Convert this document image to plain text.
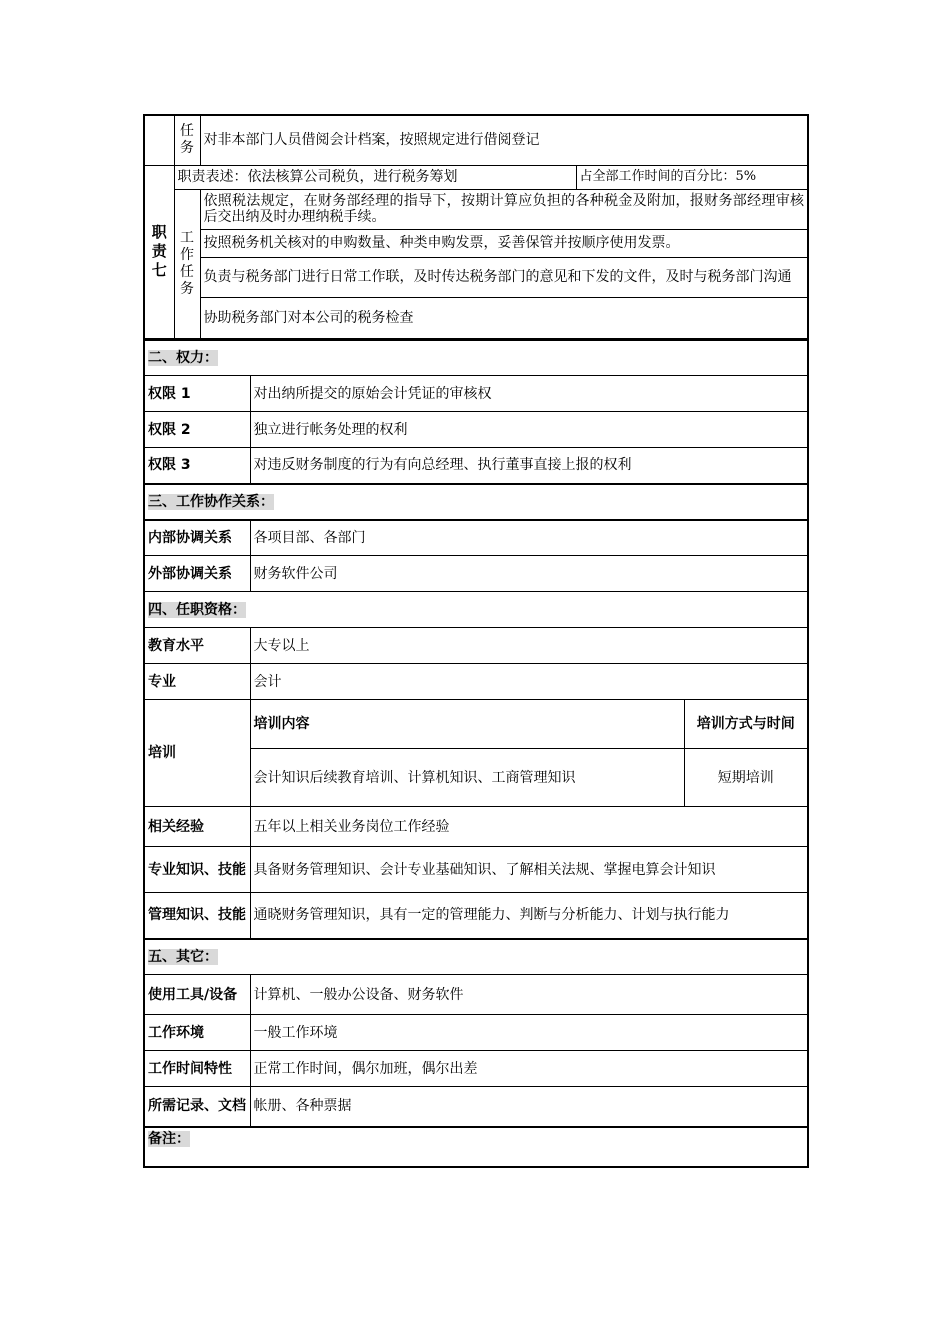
	任务	对非本部门人员借阅会计档案，按照规定进行借阅登记	
职责七	职责表述：依法核算公司税负，进行税务筹划		占全部工作时间的百分比：5%
	工作任务	依照税法规定，在财务部经理的指导下，按期计算应负担的各种税金及附加，报财务部经理审核后交出纳及时办理纳税手续。	
		按照税务机关核对的申购数量、种类申购发票，妥善保管并按顺序使用发票。	
		负责与税务部门进行日常工作联，及时传达税务部门的意见和下发的文件，及时与税务部门沟通	
		协助税务部门对本公司的税务检查	
二、权力：		
权限 1	对出纳所提交的原始会计凭证的审核权	
权限 2	独立进行帐务处理的权利	
权限 3	对违反财务制度的行为有向总经理、执行董事直接上报的权利	
三、工作协作关系：		
内部协调关系	各项目部、各部门	
外部协调关系	财务软件公司	
四、任职资格：		
教育水平	大专以上	
专业	会计	
培训	培训内容	培训方式与时间
	会计知识后续教育培训、计算机知识、工商管理知识	短期培训
相关经验	五年以上相关业务岗位工作经验	
专业知识、技能	具备财务管理知识、会计专业基础知识、了解相关法规、掌握电算会计知识	
管理知识、技能	通晓财务管理知识，具有一定的管理能力、判断与分析能力、计划与执行能力	
五、其它：		
使用工具/设备	计算机、一般办公设备、财务软件	
工作环境	一般工作环境	
工作时间特性	正常工作时间，偶尔加班，偶尔出差	
所需记录、文档	帐册、各种票据	
备注：		
